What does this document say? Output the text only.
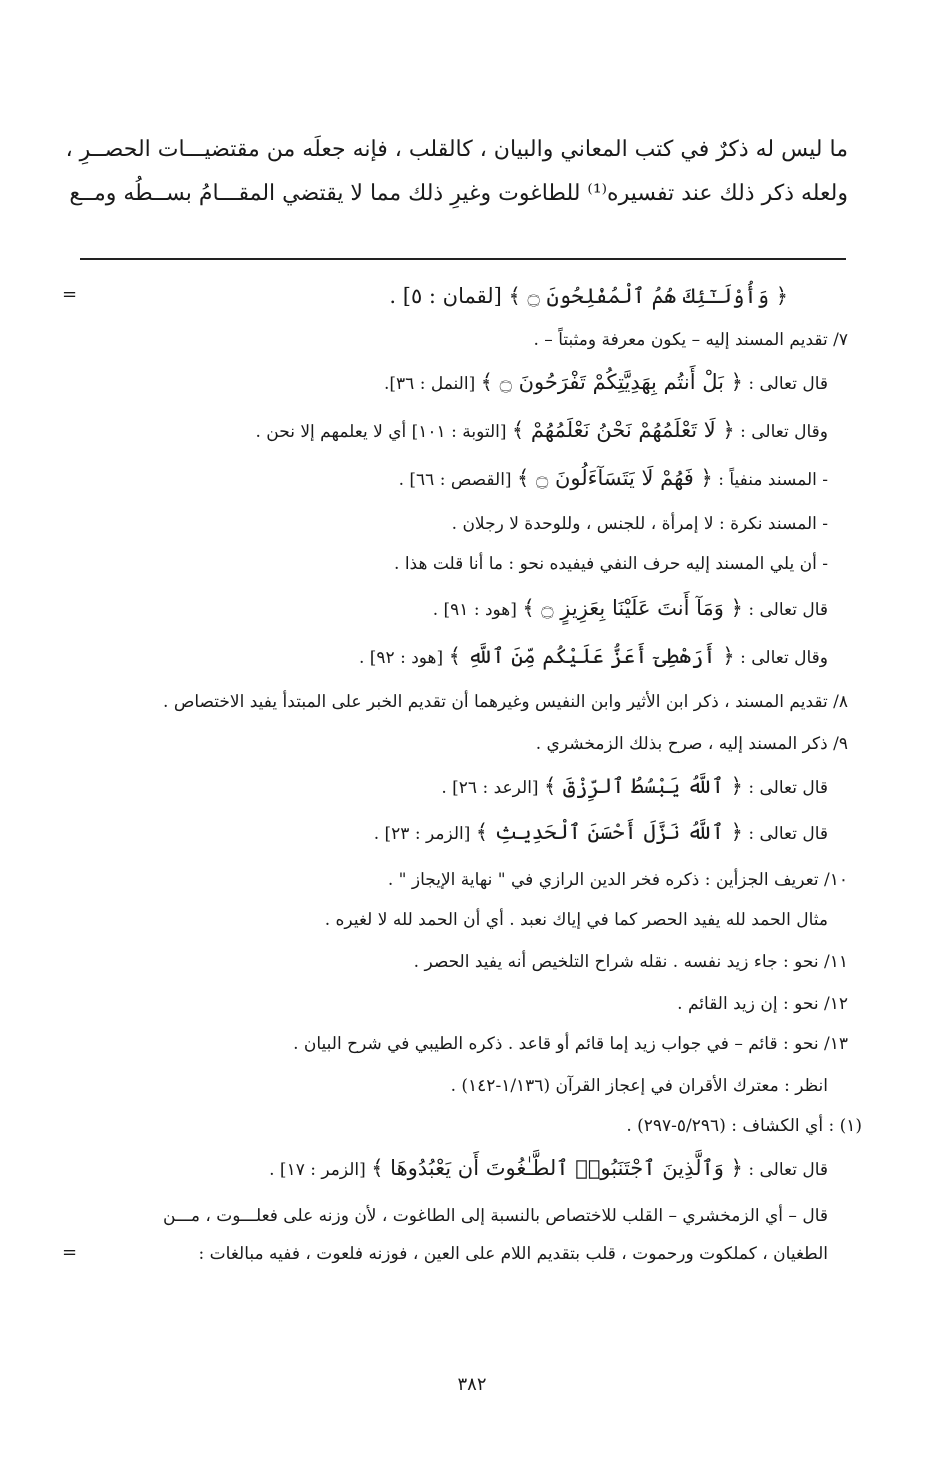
ما ليس له ذكرٌ في كتب المعاني والبيان ، كالقلب ، فإنه جعلَه من مقتضيـــات الحصــرِ ،
ولعله ذكر ذلك عند تفسيره⁽¹⁾ للطاغوت وغيرِ ذلك مما لا يقتضي المقـــامُ بســطُه ومــع
=	﴿ وَأُوْلَـٰٓئِكَ هُمُ ٱلْمُفْلِحُونَ ۝ ﴾ [لقمان : ٥] .
٧/ تقديم المسند إليه – يكون معرفة ومثبتاً – .
قال تعالى : ﴿ بَلْ أَنتُم بِهَدِيَّتِكُمْ تَفْرَحُونَ ۝ ﴾ [النمل : ٣٦].
وقال تعالى : ﴿ لَا تَعْلَمُهُمْ نَحْنُ نَعْلَمُهُمْ ﴾ [التوبة : ١٠١] أي لا يعلمهم إلا نحن .
- المسند منفياً : ﴿ فَهُمْ لَا يَتَسَآءَلُونَ ۝ ﴾ [القصص : ٦٦] .
- المسند نكرة : لا إمرأة ، للجنس ، وللوحدة لا رجلان .
- أن يلي المسند إليه حرف النفي فيفيده نحو : ما أنا قلت هذا .
قال تعالى : ﴿ وَمَآ أَنتَ عَلَيْنَا بِعَزِيزٍ ۝ ﴾ [هود : ٩١] .
وقال تعالى : ﴿ أَرَهْطِىٓ أَعَزُّ عَلَيْكُم مِّنَ ٱللَّهِ ﴾ [هود : ٩٢] .
٨/ تقديم المسند ، ذكر ابن الأثير وابن النفيس وغيرهما أن تقديم الخبر على المبتدأ يفيد الاختصاص .
٩/ ذكر المسند إليه ، صرح بذلك الزمخشري .
قال تعالى : ﴿ ٱللَّهُ يَبْسُطُ ٱلرِّزْقَ ﴾ [الرعد : ٢٦] .
قال تعالى : ﴿ ٱللَّهُ نَزَّلَ أَحْسَنَ ٱلْحَدِيثِ ﴾ [الزمر : ٢٣] .
١٠/ تعريف الجزأين : ذكره فخر الدين الرازي في " نهاية الإيجاز " .
مثال الحمد لله يفيد الحصر كما في إياك نعبد . أي أن الحمد لله لا لغيره .
١١/ نحو : جاء زيد نفسه . نقله شراح التلخيص أنه يفيد الحصر .
١٢/ نحو : إن زيد القائم .
١٣/ نحو : قائم – في جواب زيد إما قائم أو قاعد . ذكره الطيبي في شرح البيان .
انظر : معترك الأقران في إعجاز القرآن (١/١٣٦-١٤٢) .
(١) : أي الكشاف : (٥/٢٩٦-٢٩٧) .
قال تعالى : ﴿ وَٱلَّذِينَ ٱجْتَنَبُوا۟ ٱلطَّـٰغُوتَ أَن يَعْبُدُوهَا ﴾ [الزمر : ١٧] .
قال – أي الزمخشري – القلب للاختصاص بالنسبة إلى الطاغوت ، لأن وزنه على فعلـــوت ، مـــن
الطغيان ، كملكوت ورحموت ، قلب بتقديم اللام على العين ، فوزنه فلعوت ، ففيه مبالغات :
=
٣٨٢
